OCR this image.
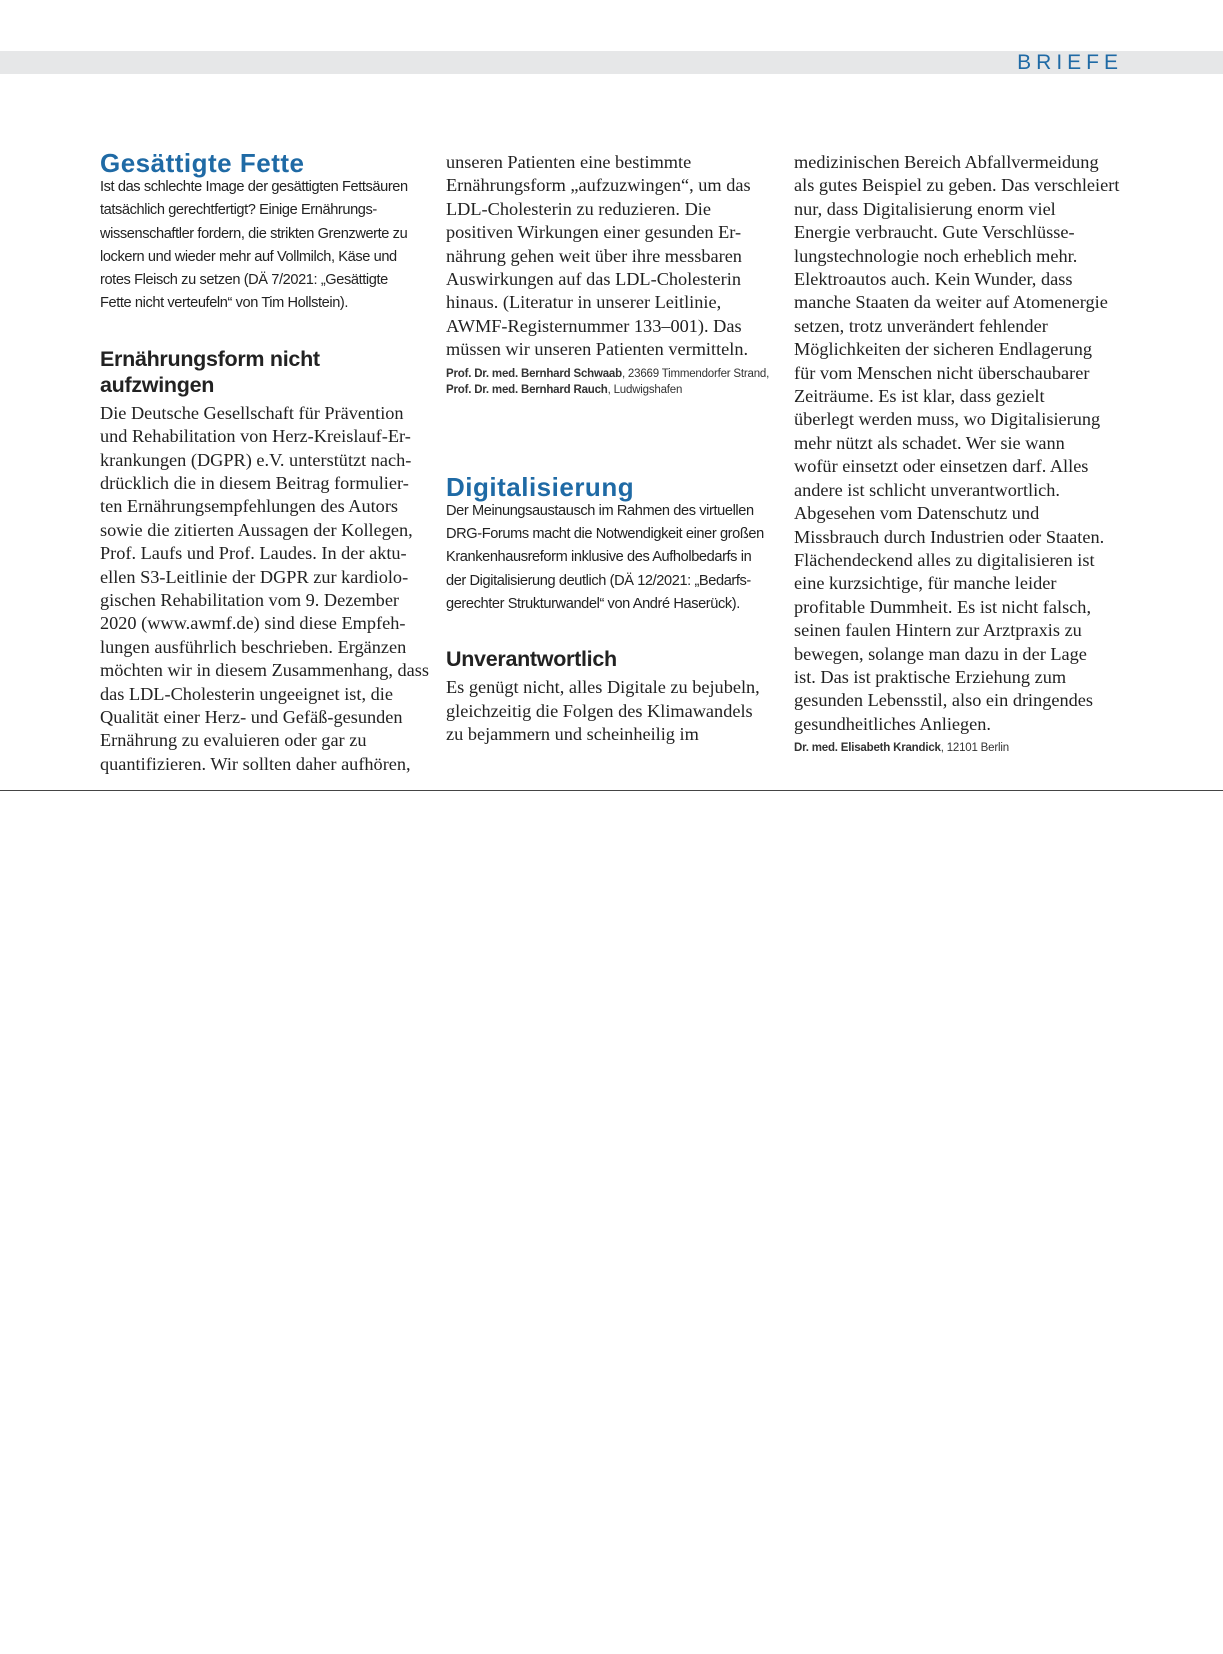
BRIEFE
Gesättigte Fette
Ist das schlechte Image der gesättigten Fettsäuren
tatsächlich gerechtfertigt? Einige Ernährungs-
wissenschaftler fordern, die strikten Grenzwerte zu
lockern und wieder mehr auf Vollmilch, Käse und
rotes Fleisch zu setzen (DÄ 7/2021: „Gesättigte
Fette nicht verteufeln“ von Tim Hollstein).
Ernährungsform nicht aufzwingen
Die Deutsche Gesellschaft für Prävention
und Rehabilitation von Herz-Kreislauf-Er-
krankungen (DGPR) e.V. unterstützt nach-
drücklich die in diesem Beitrag formulier-
ten Ernährungsempfehlungen des Autors
sowie die zitierten Aussagen der Kollegen,
Prof. Laufs und Prof. Laudes. In der aktu-
ellen S3-Leitlinie der DGPR zur kardiolo-
gischen Rehabilitation vom 9. Dezember
2020 (www.awmf.de) sind diese Empfeh-
lungen ausführlich beschrieben. Ergänzen
möchten wir in diesem Zusammenhang, dass
das LDL-Cholesterin ungeeignet ist, die
Qualität einer Herz- und Gefäß-gesunden
Ernährung zu evaluieren oder gar zu
quantifizieren. Wir sollten daher aufhören,
unseren Patienten eine bestimmte
Ernährungsform „aufzuzwingen“, um das
LDL-Cholesterin zu reduzieren. Die
positiven Wirkungen einer gesunden Er-
nährung gehen weit über ihre messbaren
Auswirkungen auf das LDL-Cholesterin
hinaus. (Literatur in unserer Leitlinie,
AWMF-Registernummer 133–001). Das
müssen wir unseren Patienten vermitteln.
Prof. Dr. med. Bernhard Schwaab, 23669 Timmendorfer Strand,
Prof. Dr. med. Bernhard Rauch, Ludwigshafen
Digitalisierung
Der Meinungsaustausch im Rahmen des virtuellen
DRG-Forums macht die Notwendigkeit einer großen
Krankenhausreform inklusive des Aufholbedarfs in
der Digitalisierung deutlich (DÄ 12/2021: „Bedarfs-
gerechter Strukturwandel“ von André Haserück).
Unverantwortlich
Es genügt nicht, alles Digitale zu bejubeln,
gleichzeitig die Folgen des Klimawandels
zu bejammern und scheinheilig im
medizinischen Bereich Abfallvermeidung
als gutes Beispiel zu geben. Das verschleiert
nur, dass Digitalisierung enorm viel
Energie verbraucht. Gute Verschlüsse-
lungstechnologie noch erheblich mehr.
Elektroautos auch. Kein Wunder, dass
manche Staaten da weiter auf Atomenergie
setzen, trotz unverändert fehlender
Möglichkeiten der sicheren Endlagerung
für vom Menschen nicht überschaubarer
Zeiträume. Es ist klar, dass gezielt
überlegt werden muss, wo Digitalisierung
mehr nützt als schadet. Wer sie wann
wofür einsetzt oder einsetzen darf. Alles
andere ist schlicht unverantwortlich.
Abgesehen vom Datenschutz und
Missbrauch durch Industrien oder Staaten.
Flächendeckend alles zu digitalisieren ist
eine kurzsichtige, für manche leider
profitable Dummheit. Es ist nicht falsch,
seinen faulen Hintern zur Arztpraxis zu
bewegen, solange man dazu in der Lage
ist. Das ist praktische Erziehung zum
gesunden Lebensstil, also ein dringendes
gesundheitliches Anliegen.
Dr. med. Elisabeth Krandick, 12101 Berlin
